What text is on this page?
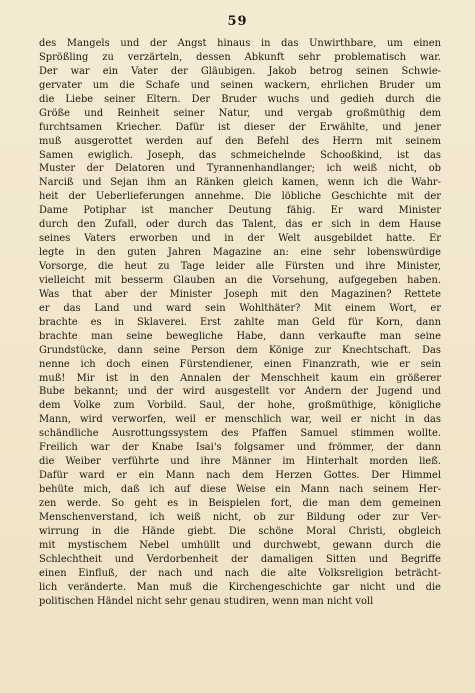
59
des Mangels und der Angst hinaus in das Unwirthbare, um einen
Sprößling zu verzärteln, dessen Abkunft sehr problematisch war.
Der war ein Vater der Gläubigen. Jakob betrog seinen Schwie-
gervater um die Schafe und seinen wackern, ehrlichen Bruder um
die Liebe seiner Eltern. Der Bruder wuchs und gedieh durch die
Größe und Reinheit seiner Natur, und vergab großmüthig dem
furchtsamen Kriecher. Dafür ist dieser der Erwählte, und jener
muß ausgerottet werden auf den Befehl des Herrn mit seinem
Samen ewiglich. Joseph, das schmeichelnde Schooßkind, ist das
Muster der Delatoren und Tyrannenhandlanger; ich weiß nicht, ob
Narciß und Sejan ihm an Ränken gleich kamen, wenn ich die Wahr-
heit der Ueberlieferungen annehme. Die löbliche Geschichte mit der
Dame Potiphar ist mancher Deutung fähig. Er ward Minister
durch den Zufall, oder durch das Talent, das er sich in dem Hause
seines Vaters erworben und in der Welt ausgebildet hatte. Er
legte in den guten Jahren Magazine an: eine sehr lobenswürdige
Vorsorge, die heut zu Tage leider alle Fürsten und ihre Minister,
vielleicht mit besserm Glauben an die Vorsehung, aufgegeben haben.
Was that aber der Minister Joseph mit den Magazinen? Rettete
er das Land und ward sein Wohlthäter? Mit einem Wort, er
brachte es in Sklaverei. Erst zahlte man Geld für Korn, dann
brachte man seine bewegliche Habe, dann verkaufte man seine
Grundstücke, dann seine Person dem Könige zur Knechtschaft. Das
nenne ich doch einen Fürstendiener, einen Finanzrath, wie er sein
muß! Mir ist in den Annalen der Menschheit kaum ein größerer
Bube bekannt; und der wird ausgestellt vor Andern der Jugend und
dem Volke zum Vorbild. Saul, der hohe, großmüthige, königliche
Mann, wird verworfen, weil er menschlich war, weil er nicht in das
schändliche Ausrottungssystem des Pfaffen Samuel stimmen wollte.
Freilich war der Knabe Isai's folgsamer und frömmer, der dann
die Weiber verführte und ihre Männer im Hinterhalt morden ließ.
Dafür ward er ein Mann nach dem Herzen Gottes. Der Himmel
behüte mich, daß ich auf diese Weise ein Mann nach seinem Her-
zen werde. So geht es in Beispielen fort, die man dem gemeinen
Menschenverstand, ich weiß nicht, ob zur Bildung oder zur Ver-
wirrung in die Hände giebt. Die schöne Moral Christi, obgleich
mit mystischem Nebel umhüllt und durchwebt, gewann durch die
Schlechtheit und Verdorbenheit der damaligen Sitten und Begriffe
einen Einfluß, der nach und nach die alte Volksreligion beträcht-
lich veränderte. Man muß die Kirchengeschichte gar nicht und die
politischen Händel nicht sehr genau studiren, wenn man nicht voll
